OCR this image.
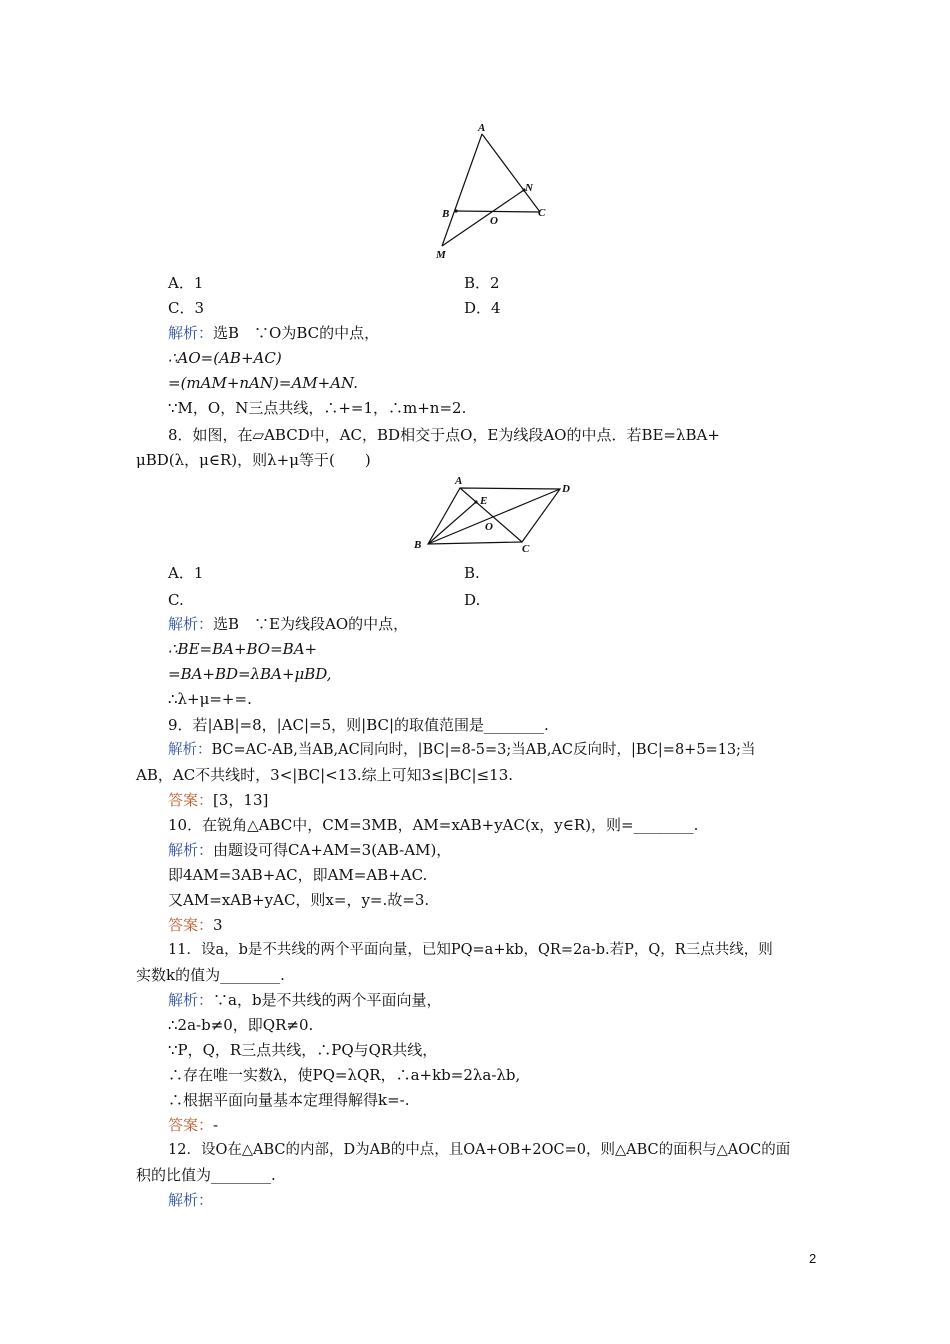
A
N
B
O
C
M
A．1	B．2
C．3	D．4
解析：选B　∵O为BC的中点，
∴AO=(AB+AC)
=(mAM+nAN)=AM+AN.
∵M，O，N三点共线，∴+=1，∴m+n=2.
8．如图，在▱ABCD中，AC，BD相交于点O，E为线段AO的中点．若BE=λBA+
μBD(λ，μ∈R)，则λ+μ等于(　　)
A
E
D
O
B	C
A．1	B.
C.	D.
解析：选B　∵E为线段AO的中点，
∴BE=BA+BO=BA+
=BA+BD=λBA+μBD,
∴λ+μ=+=.
9．若|AB|=8，|AC|=5，则|BC|的取值范围是________.
解析：BC=AC-AB,当AB,AC同向时，|BC|=8-5=3;当AB,AC反向时，|BC|=8+5=13;当
AB，AC不共线时，3<|BC|<13.综上可知3≤|BC|≤13.
答案：[3，13]
10．在锐角△ABC中，CM=3MB，AM=xAB+yAC(x，y∈R)，则=________.
解析：由题设可得CA+AM=3(AB-AM)，
即4AM=3AB+AC，即AM=AB+AC.
又AM=xAB+yAC，则x=，y=.故=3.
答案：3
11．设a，b是不共线的两个平面向量，已知PQ=a+kb，QR=2a-b.若P，Q，R三点共线，则
实数k的值为________.
解析：∵a，b是不共线的两个平面向量，
∴2a-b≠0，即QR≠0.
∵P，Q，R三点共线，∴PQ与QR共线，
∴存在唯一实数λ，使PQ=λQR，∴a+kb=2λa-λb,
∴根据平面向量基本定理得解得k=-.
答案：-
12．设O在△ABC的内部，D为AB的中点，且OA+OB+2OC=0，则△ABC的面积与△AOC的面
积的比值为________.
解析：
2
